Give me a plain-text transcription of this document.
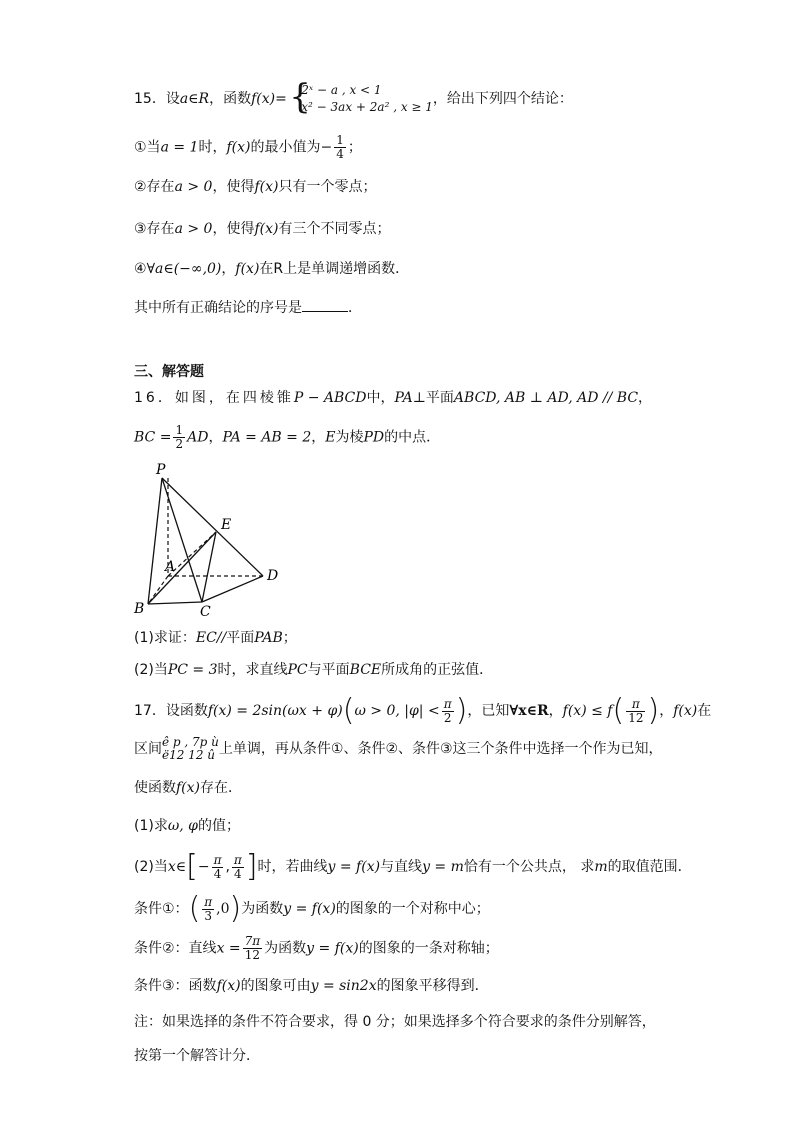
15．设a∈R，函数f(x)=
{ 2ˣ − a , x < 1
x² − 3ax + 2a² , x ≥ 1 ，给出下列四个结论：
①当a = 1时，f(x)的最小值为− $\frac{1}{4}$ ；
②存在a > 0，使得f(x)只有一个零点；
③存在a > 0，使得f(x)有三个不同零点；
④∀a∈(−∞,0)，f(x)在R上是单调递增函数．
其中所有正确结论的序号是	．
三、解答题
16．如图，在四棱锥P − ABCD中，PA⊥平面ABCD, AB ⊥ AD, AD // BC，
BC = $\frac{1}{2}$ AD，PA = AB = 2，E为棱PD的中点．
P
E
A
D
B	C
(1)求证：EC//平面PAB；
(2)当PC = 3时，求直线PC与平面BCE所成角的正弦值．
17．设函数f(x) = 2sin(ωx + φ)(ω > 0, $|\varphi| < \frac{\pi}{2}$ )，已知∀x∈R，$f(x) \le f( \frac{\pi}{12}$ )，f(x)在
区间 ê p , 7p ù
ë12 12 û 上单调，再从条件①、条件②、条件③这三个条件中选择一个作为已知，
使函数f(x)存在．
(1)求ω, φ的值；
(2)当x∈[− $\frac{\pi}{4}$ , $\frac{\pi}{4}$ ]时，若曲线y = f(x)与直线y = m恰有一个公共点， 求m的取值范围．
条件①：( $\frac{\pi}{3} ,0$)为函数y = f(x)的图象的一个对称中心；
条件②：直线$x = \frac{7\pi}{12}$ 为函数y = f(x)的图象的一条对称轴；
条件③：函数f(x)的图象可由y = sin2x的图象平移得到．
注：如果选择的条件不符合要求，得 0 分；如果选择多个符合要求的条件分别解答，
按第一个解答计分．
